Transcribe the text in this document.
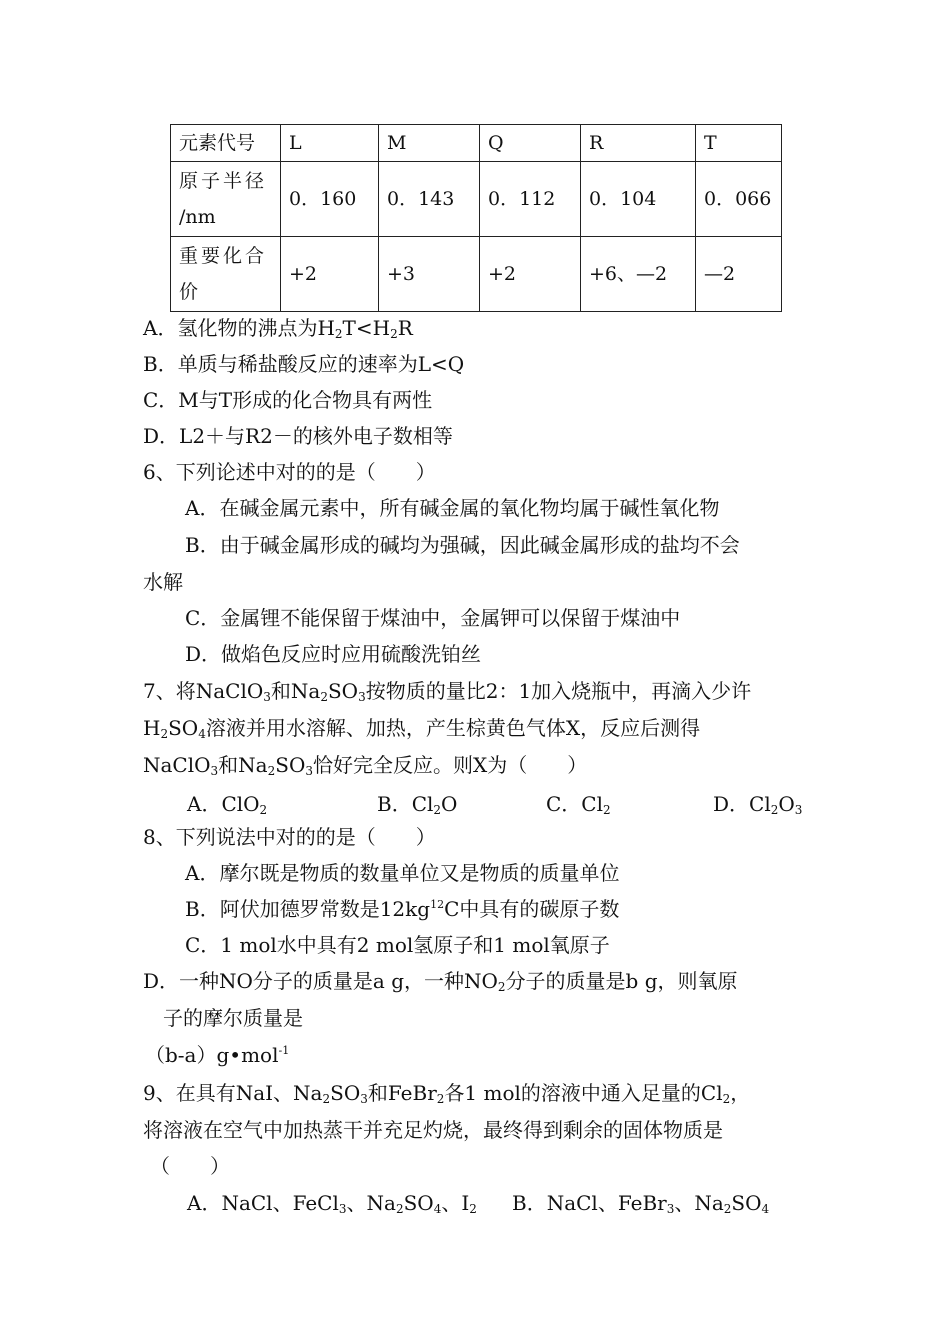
元素代号	L	M	Q	R	T

原子半径
/nm	0．160	0．143	0．112	0．104	0．066

重要化合
价	+2	+3	+2	+6、—2	—2
A．氢化物的沸点为$H_2T<H_2R$
B．单质与稀盐酸反应的速率为L<Q
C．M与T形成的化合物具有两性
D．L2＋与R2－的核外电子数相等
6、下列论述中对的的是（　　）
A．在碱金属元素中，所有碱金属的氧化物均属于碱性氧化物
B．由于碱金属形成的碱均为强碱，因此碱金属形成的盐均不会
水解
C．金属锂不能保留于煤油中，金属钾可以保留于煤油中
D．做焰色反应时应用硫酸洗铂丝
7、将NaClO$_3$和$Na_2SO_3$按物质的量比2：1加入烧瓶中，再滴入少许
$H_2SO_4$溶液并用水溶解、加热，产生棕黄色气体X，反应后测得
NaClO$_3$和$Na_2SO_3$恰好完全反应。则X为（　　）
A．ClO$_2$	B．$Cl_2O$	C．$Cl_2$	D．$Cl_2O_3$
8、下列说法中对的的是（　　）
A．摩尔既是物质的数量单位又是物质的质量单位
B．阿伏加德罗常数是$12kg^{12}C$中具有的碳原子数
C．1 mol水中具有2 mol氢原子和1 mol氧原子
D．一种NO分子的质量是a g，一种$NO_2$分子的质量是b g，则氧原
子的摩尔质量是
（b-a）g•mol$^{-1}$
9、在具有NaI、$Na_2SO_3$和FeBr$_2$各1 mol的溶液中通入足量的$Cl_2$，
将溶液在空气中加热蒸干并充足灼烧，最终得到剩余的固体物质是
（　　）
A．NaCl、FeCl$_3$、$Na_2SO_4$、$I_2$ B．NaCl、FeBr$_3$、$Na_2SO_4$
